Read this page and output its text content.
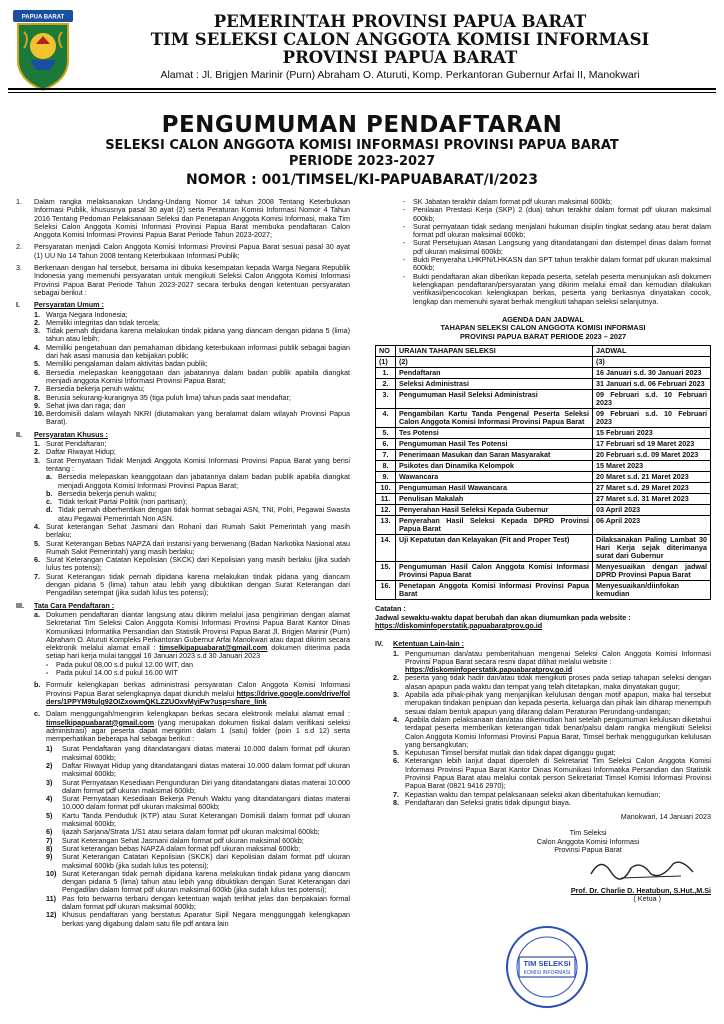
PAPUA BARAT	PEMERINTAH PROVINSI PAPUA BARAT
TIM SELEKSI CALON ANGGOTA KOMISI INFORMASI
PROVINSI PAPUA BARAT
Alamat : Jl. Brigjen Marinir (Purn) Abraham O. Aturuti, Komp. Perkantoran Gubernur Arfai II, Manokwari
PENGUMUMAN PENDAFTARAN
SELEKSI CALON ANGGOTA KOMISI INFORMASI PROVINSI PAPUA BARAT
PERIODE 2023-2027
NOMOR : 001/TIMSEL/KI-PAPUABARAT/I/2023
1.	Dalam rangka melaksanakan Undang-Undang Nomor 14 tahun 2008 Tentang Keterbukaan Informasi Publik, khususnya pasal 30 ayat (2) serta Peraturan Komisi Informasi Nomor 4 Tahun 2016 Tentang Pedoman Pelaksanaan Seleksi dan Penetapan Anggota Komisi Informasi, maka Tim Seleksi Calon Anggota Komisi Informasi Provinsi Papua Barat membuka pendaftaran Calon Anggota Komisi Informasi Provinsi Papua Barat Periode Tahun 2023-2027;
2.	Persyaratan menjadi Calon Anggota Komisi Informasi Provinsi Papua Barat sesuai pasal 30 ayat (1) UU No 14 Tahun 2008 tentang Keterbukaan Informasi Publik;
3.	Berkenaan dengan hal tersebut, bersama ini dibuka kesempatan kepada Warga Negara Republik Indonesia yang memenuhi persyaratan untuk mengikuti Seleksi Calon Anggota Komisi Informasi Provinsi Papua Barat Periode Tahun 2023-2027 secara terbuka dengan ketentuan persyaratan sebagai berikut :
I.	Persyaratan Umum :
1. Warga Negara Indonesia;
2. Memiliki integritas dan tidak tercela;
3. Tidak pernah dipidana karena melakukan tindak pidana yang diancam dengan pidana 5 (lima) tahun atau lebih;
4. Memiliki pengetahuan dan pemahaman dibidang keterbukaan informasi publik sebagai bagian dari hak asasi manusia dan kebijakan publik;
5. Memiliki pengalaman dalam aktivitas badan publik;
6. Bersedia melepaskan keanggotaan dan jabatannya dalam badan publik apabila diangkat menjadi anggota Komisi Informasi Provinsi Papua Barat;
7. Bersedia bekerja penuh waktu;
8. Berusia sekurang-kurangnya 35 (tiga puluh lima) tahun pada saat mendaftar;
9. Sehat jiwa dan raga; dan
10. Berdomisili dalam wilayah NKRI (diutamakan yang beralamat dalam wilayah Provinsi Papua Barat).
II.	Persyaratan Khusus :
1. Surat Pendaftaran;
2. Daftar Riwayat Hidup;
3. Surat Pernyataan Tidak Menjadi Anggota Komisi Informasi Provinsi Papua Barat yang berisi tentang :
a. Bersedia melepaskan keanggotaan dan jabatannya dalam badan publik apabila diangkat menjadi Anggota Komisi Informasi Provinsi Papua Barat;
b. Bersedia bekerja penuh waktu;
c. Tidak terkait Partai Politik (non partisan);
d. Tidak pernah diberhentikan dengan tidak hormat sebagai ASN, TNI, Polri, Pegawai Swasta atau Pegawai Pemerintah Non ASN.
4. Surat keterangan Sehat Jasmani dan Rohani dari Rumah Sakit Pemerintah yang masih berlaku;
5. Surat Keterangan Bebas NAPZA dari instansi yang berwenang (Badan Narkotika Nasional atau Rumah Sakit Pemerintah) yang masih berlaku;
6. Surat Keterangan Catatan Kepolisian (SKCK) dari Kepolisian yang masih berlaku (jika sudah lulus tes potensi);
7. Surat Keterangan tidak pernah dipidana karena melakukan tindak pidana yang diancam dengan pidana 5 (lima) tahun atau lebih yang dibuktikan dengan Surat Keterangan dari Pengadilan setempat (jika sudah lulus tes potensi);
III.	Tata Cara Pendaftaran :
a. Dokumen pendaftaran diantar langsung atau dikirim melalui jasa pengiriman dengan alamat Sekretariat Tim Seleksi Calon Anggota Komisi Informasi Provinsi Papua Barat Kantor Dinas Komunikasi Informatika Persandian dan Statistik Provinsi Papua Barat Jl. Brigjen Marinir (Purn) Abraham O. Aturuti Kompleks Perkantoran Gubernur Arfai Manokwari atau dapat dikirim secara elektronik melalui alamat email : timselkipapuabarat@gmail.com dokumen diterima pada setiap hari kerja mulai tanggal 16 Januari 2023 s.d 30 Januari 2023
-	Pada pukul 08.00 s.d pukul 12.00 WIT, dan
-	Pada pukul 14.00 s.d pukul 16.00 WIT
b. Formulir kelengkapan berkas administrasi persyaratan Calon Anggota Komisi Informasi Provinsi Papua Barat selengkapnya dapat diunduh melalui https://drive.google.com/drive/folders/1PPYM9tulg92OIZxowmQKLZZUOxvMyiFw?usp=share_link
c. Dalam menggungah/mengirim kelengkapan berkas secara elektronik melalui alamat email : timselkipapuabarat@gmail.com (yang merupakan dokumen fisikal dalam verifikasi seleksi administrasi) agar peserta dapat mengirim dalam 1 (satu) folder (poin 1 s.d 12) serta memperhatikan beberapa hal sebagai berikut :
1)	Surat Pendaftaran yang ditandatangani diatas materai 10.000 dalam format pdf ukuran maksimal 600kb;
2)	Daftar Riwayat Hidup yang ditandatangani diatas materai 10.000 dalam format pdf ukuran maksimal 600kb;
3)	Surat Pernyataan Kesediaan Pengunduran Diri yang ditandatangani diatas materai 10.000 dalam format pdf ukuran maksimal 600kb;
4)	Surat Pernyataan Kesediaan Bekerja Penuh Waktu yang ditandatangani diatas materai 10.000 dalam format pdf ukuran maksimal 600kb;
5)	Kartu Tanda Penduduk (KTP) atau Surat Keterangan Domisili dalam format pdf ukuran maksimal 600kb;
6)	Ijazah Sarjana/Strata 1/S1 atau setara dalam format pdf ukuran maksimal 600kb;
7)	Surat Keterangan Sehat Jasmani dalam format pdf ukuran maksimal 600kb;
8)	Surat keterangan bebas NAPZA dalam format pdf ukuran maksimal 600kb;
9)	Surat Keterangan Catatan Kepolisian (SKCK) dari Kepolisian dalam format pdf ukuran maksimal 600kb (jika sudah lulus tes potensi);
10) Surat Keterangan tidak pernah dipidana karena melakukan tindak pidana yang diancam dengan pidana 5 (lima) tahun atau lebih yang dibuktikan dengan Surat Keterangan dari Pengadilan dalam format pdf ukuran maksimal 600kb (jika sudah lulus tes potensi);
11) Pas foto berwarna terbaru dengan ketentuan wajah terlihat jelas dan berpakaian formal dalam format pdf ukuran maksimal 600kb;
12) Khusus pendaftaran yang berstatus Aparatur Sipil Negara menggunggah kelengkapan berkas yang digabung dalam satu file pdf antara lain
-	SK Jabatan terakhir dalam format pdf ukuran maksimal 600kb;
-	Penilaian Prestasi Kerja (SKP) 2 (dua) tahun terakhir dalam format pdf ukuran maksimal 600kb;
-	Surat pernyataan tidak sedang menjalani hukuman disiplin tingkat sedang atau berat dalam format pdf ukuran maksimal 600kb;
-	Surat Persetujuan Atasan Langsung yang ditandatangani dan distempel dinas dalam format pdf ukuran maksimal 600kb;
-	Bukti Penyeraha LHKPN/LHKASN dan SPT tahun terakhir dalam format pdf ukuran maksimal 600kb;
-	Bukti pendaftaran akan diberikan kepada peserta, setelah peserta menunjukan asli dokumen kelengkapan pendaftaran/persyaratan yang dikirim melalui email dan kemudian dilakukan verifikasi/pencocokan kelengkapan berkas, peserta yang berkasnya dinyatakan cocok, lengkap dan memenuhi syarat berhak mengikuti tahapan seleksi selanjutnya.
AGENDA DAN JADWAL
TAHAPAN SELEKSI CALON ANGGOTA KOMISI INFORMASI
PROVINSI PAPUA BARAT PERIODE 2023 – 2027
NO	URAIAN TAHAPAN SELEKSI	JADWAL
(1)	(2)	(3)
1.	Pendaftaran	16 Januari s.d. 30 Januari 2023
2.	Seleksi Administrasi	31 Januari s.d. 06 Februari 2023
3.	Pengumuman Hasil Seleksi Administrasi	09 Februari s.d. 10 Februari 2023
4.	Pengambilan Kartu Tanda Pengenal Peserta Seleksi Calon Anggota Komisi Informasi Provinsi Papua Barat	09 Februari s.d. 10 Februari 2023
5.	Tes Potensi	15 Februari 2023
6.	Pengumuman Hasil Tes Potensi	17 Februari sd 19 Maret 2023
7.	Penerimaan Masukan dan Saran Masyarakat	20 Februari s.d. 09 Maret 2023
8.	Psikotes dan Dinamika Kelompok	15 Maret 2023
9.	Wawancara	20 Maret s.d. 21 Maret 2023
10.	Pengumuman Hasil Wawancara	27 Maret s.d. 29 Maret 2023
11.	Penulisan Makalah	27 Maret s.d. 31 Maret 2023
12.	Penyerahan Hasil Seleksi Kepada Gubernur	03 April 2023
13.	Penyerahan Hasil Seleksi Kepada DPRD Provinsi Papua Barat	06 April 2023
14.	Uji Kepatutan dan Kelayakan (Fit and Proper Test)	Dilaksanakan Paling Lambat 30 Hari Kerja sejak diterimanya surat dari Gubernur
15.	Pengumuman Hasil Calon Anggota Komisi Informasi Provinsi Papua Barat	Menyesuaikan dengan jadwal DPRD Provinsi Papua Barat
16.	Penetapan Anggota Komisi Informasi Provinsi Papua Barat	Menyesuaikan/diinfokan kemudian
Catatan :
Jadwal sewaktu-waktu dapat berubah dan akan diumumkan pada website :
https://diskominfoperstatik.papuabaratprov.go.id
IV.	Ketentuan Lain-lain :
1. Pengumuman dan/atau pemberitahuan mengenai Seleksi Calon Anggota Komisi Informasi Provinsi Papua Barat secara resmi dapat dilihat melalui website :
https://diskominfoperstatik.papuabaratprov.go.id
2. peserta yang tidak hadir dan/atau tidak mengikuti proses pada setiap tahapan seleksi dengan alasan apapun pada waktu dan tempat yang telah ditetapkan, maka dinyatakan gugur;
3. Apabila ada pihak-pihak yang menjanjikan kelulusan dengan motif apapun, maka hal tersebut merupakan tindakan penipuan dan kepada peserta, keluarga dan pihak lain diharap menempuh sesuai dalam bentuk apapun yang dilarang dalam Peraturan Perundang-undangan;
4. Apabila dalam pelaksanaan dan/atau dikemudian hari setelah pengumuman kelulusan diketahui terdapat peserta memberikan keterangan tidak benar/palsu dalam rangka mengikuti Seleksi Calon Anggota Komisi Informasi Provinsi Papua Barat, Timsel berhak menggugurkan kelulusan yang bersangkutan;
5. Keputusan Timsel bersifat mutlak dan tidak dapat diganggu gugat;
6. Keterangan lebih lanjut dapat diperoleh di Sekretariat Tim Seleksi Calon Anggota Komisi Informasi Provinsi Papua Barat Kantor Dinas Komunikasi Informatika Persandian dan Statistik Provinsi Papua Barat atau melalui contak person Sekretariat Timsel Komisi Informasi Provinsi Papua Barat (0821 9416 2970);
7. Kepastian waktu dan tempat pelaksanaan seleksi akan diberitahukan kemudian;
8. Pendaftaran dan Seleksi gratis tidak dipungut biaya.
Manokwari, 14 Januari 2023
Tim Seleksi
Calon Anggota Komisi Informasi
Provinsi Papua Barat
Prof. Dr. Charlie D. Heatubun, S.Hut.,M.Si
( Ketua )
TIM SELEKSI
KOMISI INFORMASI
